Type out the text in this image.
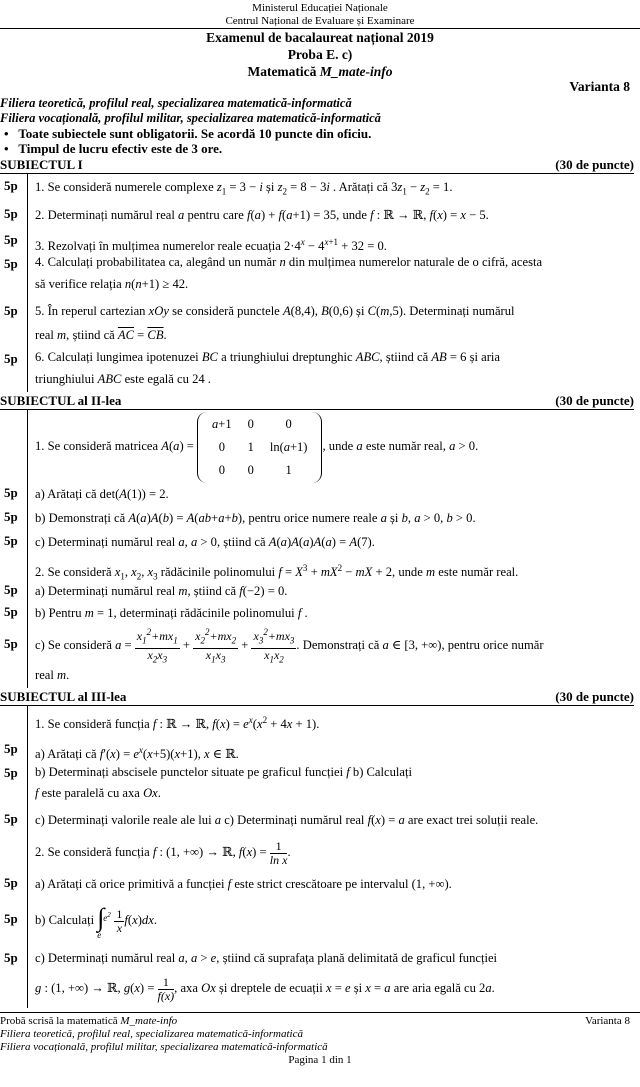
Ministerul Educației Naționale
Centrul Național de Evaluare și Examinare
Examenul de bacalaureat național 2019
Proba E. c)
Matematică M_mate-info
Varianta 8
Filiera teoretică, profilul real, specializarea matematică-informatică
Filiera vocațională, profilul militar, specializarea matematică-informatică
•   Toate subiectele sunt obligatorii. Se acordă 10 puncte din oficiu.
•   Timpul de lucru efectiv este de 3 ore.
SUBIECTUL I	(30 de puncte)
5p	1. Se consideră numerele complexe $z_1 = 3 - i$ și $z_2 = 8 - 3i$ . Arătați că $3z_1 - z_2 = 1$.
5p	2. Determinați numărul real a pentru care f(a) + f(a+1) = 35, unde f : ℝ → ℝ, f(x) = x − 5.
5p	3. Rezolvați în mulțimea numerelor reale ecuația $2\cdot 4^x - 4^{x+1} + 32 = 0$.
5p	4. Calculați probabilitatea ca, alegând un număr n din mulțimea numerelor naturale de o cifră, acesta
să verifice relația n(n+1) ≥ 42.
5p	5. În reperul cartezian xOy se consideră punctele A(8,4), B(0,6) și C(m,5). Determinați numărul
real m, știind că $\overline{AC} = \overline{CB}$.
5p	6. Calculați lungimea ipotenuzei BC a triunghiului dreptunghic ABC, știind că AB = 6 și aria
triunghiului ABC este egală cu 24 .
SUBIECTUL al II-lea	(30 de puncte)
1. Se consideră matricea A(a) =
a+1	0	0
0	1	ln(a+1)
0	0	1
, unde a este număr real, a > 0.
5p	a) Arătați că det(A(1)) = 2.
5p	b) Demonstrați că A(a)A(b) = A(ab+a+b), pentru orice numere reale a și b, a > 0, b > 0.
5p	c) Determinați numărul real a, a > 0, știind că A(a)A(a)A(a) = A(7).
2. Se consideră $x_1$, $x_2$, $x_3$ rădăcinile polinomului $f = X^3 + mX^2$ − mX + 2, unde m este număr real.
5p	a) Determinați numărul real m, știind că f(−2) = 0.
5p	b) Pentru m = 1, determinați rădăcinile polinomului f .
5p	c) Se consideră $a = \frac{x_1^2+mx_1}{x_2x_3} + \frac{x_2^2+mx_2}{x_1x_3} + \frac{x_3^2+mx_3}{x_1x_2}$ . Demonstrați că a ∈ [3, +∞), pentru orice număr
real m.
SUBIECTUL al III-lea	(30 de puncte)
1. Se consideră funcția f : ℝ → ℝ, $f(x) = e^x(x^2 + 4x + 1)$.
5p	a) Arătați că $f'(x) = e^x(x+5)(x+1)$, x ∈ ℝ.
5p	b) Determinați abscisele punctelor situate pe graficul funcției f b) Calculați
f este paralelă cu axa Ox.
5p	c) Determinați valorile reale ale lui a c) Determinați numărul real f(x) = a are exact trei soluții reale.
2. Se consideră funcția f : (1, +∞) → ℝ, $f(x) = \frac{1}{\text{ln x}}$ .
5p	a) Arătați că orice primitivă a funcției f este strict crescătoare pe intervalul (1, +∞).
5p	b) Calculați $e^2$
∫
e

$\frac{1}{x} f(x)dx$.
5p	c) Determinați numărul real a, a > e, știind că suprafața plană delimitată de graficul funcției
g : (1, +∞) → ℝ, $g(x) = \frac{1}{f(x)}$ , axa Ox și dreptele de ecuații x = e și x = a are aria egală cu 2a.
Probă scrisă la matematică M_mate-info	Varianta 8
Filiera teoretică, profilul real, specializarea matematică-informatică
Filiera vocațională, profilul militar, specializarea matematică-informatică
Pagina 1 din 1
